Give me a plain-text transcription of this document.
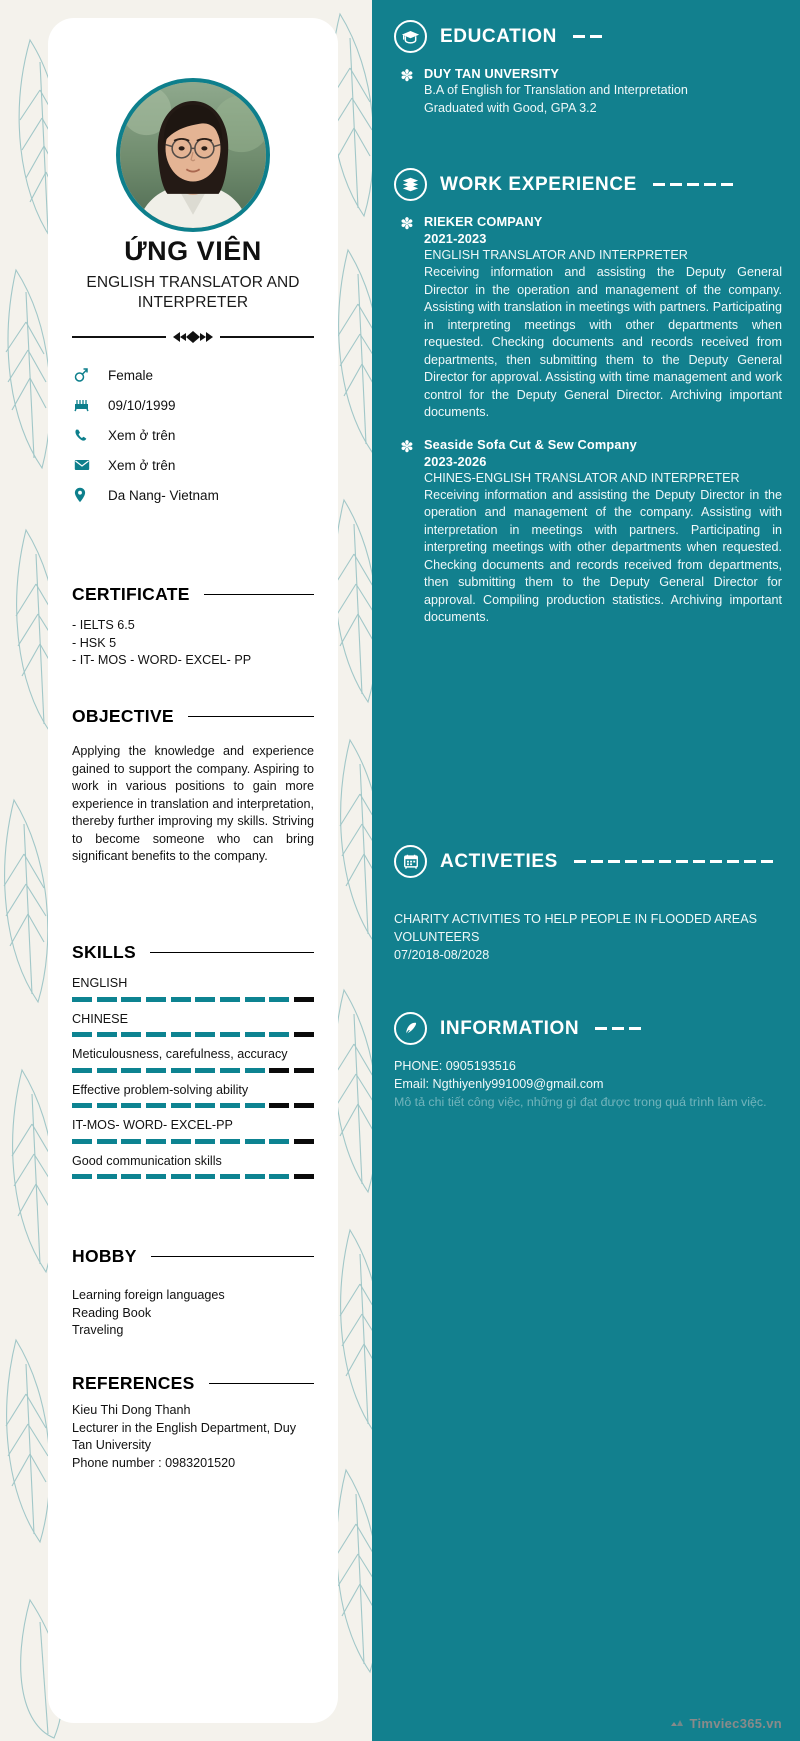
ỨNG VIÊN
ENGLISH TRANSLATOR AND INTERPRETER
Female
09/10/1999
Xem ở trên
Xem ở trên
Da Nang- Vietnam
CERTIFICATE
- IELTS 6.5
- HSK 5
- IT- MOS - WORD- EXCEL- PP
OBJECTIVE
Applying the knowledge and experience gained to support the company. Aspiring to work in various positions to gain more experience in translation and interpretation, thereby further improving my skills. Striving to become someone who can bring significant benefits to the company.
SKILLS
ENGLISH
CHINESE
Meticulousness, carefulness, accuracy
Effective problem-solving ability
IT-MOS- WORD- EXCEL-PP
Good communication skills
HOBBY
Learning foreign languages
Reading Book
Traveling
REFERENCES
Kieu Thi Dong Thanh
Lecturer in the English Department, Duy Tan University
Phone number : 0983201520
EDUCATION
✽ DUY TAN UNVERSITY
B.A of English for Translation and Interpretation
Graduated with Good, GPA 3.2
WORK EXPERIENCE
✽ RIEKER COMPANY
2021-2023
ENGLISH TRANSLATOR AND INTERPRETER
Receiving information and assisting the Deputy General Director in the operation and management of the company. Assisting with translation in meetings with partners. Participating in interpreting meetings with other departments when requested. Checking documents and records received from departments, then submitting them to the Deputy General Director for approval. Assisting with time management and work control for the Deputy General Director. Archiving important documents.
✽ Seaside Sofa Cut & Sew Company
2023-2026
CHINES-ENGLISH TRANSLATOR AND INTERPRETER
Receiving information and assisting the Deputy Director in the operation and management of the company. Assisting with interpretation in meetings with partners. Participating in interpreting meetings with other departments when requested. Checking documents and records received from departments, then submitting them to the Deputy General Director for approval. Compiling production statistics. Archiving important documents.
ACTIVETIES
CHARITY ACTIVITIES TO HELP PEOPLE IN FLOODED AREAS
VOLUNTEERS
07/2018-08/2028
INFORMATION
PHONE: 0905193516
Email: Ngthiyenly991009@gmail.com
Mô tả chi tiết công việc, những gì đạt được trong quá trình làm việc.
Timviec365.vn
